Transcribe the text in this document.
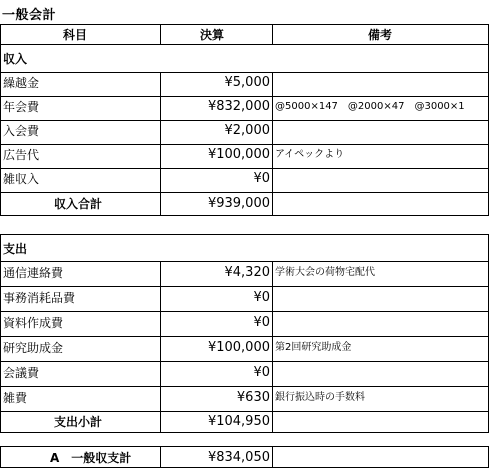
一般会計
科目	決算	備考
収入
繰越金	¥5,000
年会費	¥832,000 @5000×147　@2000×47　@3000×1
入会費	¥2,000
広告代	¥100,000 アイペックより
雑収入	¥0
収入合計	¥939,000
支出
通信連絡費	¥4,320 学術大会の荷物宅配代
事務消耗品費	¥0
資料作成費	¥0
研究助成金	¥100,000 第2回研究助成金
会議費	¥0
雑費	¥630 銀行振込時の手数料
支出小計	¥104,950
A　一般収支計	¥834,050
